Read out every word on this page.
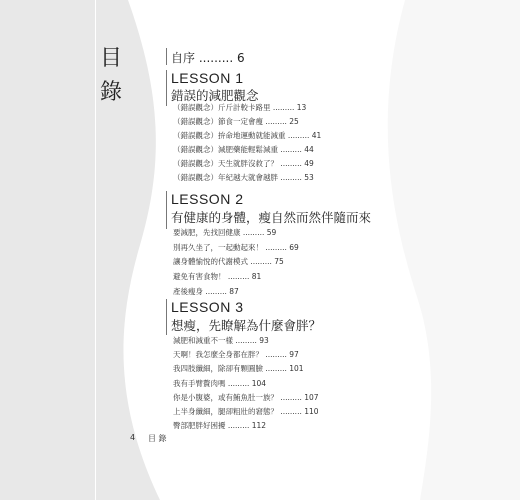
目
錄
自序 ......... 6
LESSON 1
錯誤的減肥觀念
（錯誤觀念）斤斤計較卡路里 ......... 13
（錯誤觀念）節食一定會瘦 ......... 25
（錯誤觀念）拚命地運動就能減重 ......... 41
（錯誤觀念）減肥藥能輕鬆減重 ......... 44
（錯誤觀念）天生就胖沒救了？ ......... 49
（錯誤觀念）年紀越大就會越胖 ......... 53
LESSON 2
有健康的身體，瘦自然而然伴隨而來
要減肥，先找回健康 ......... 59
別再久坐了，一起動起來！ ......... 69
讓身體愉悅的代謝模式 ......... 75
避免有害食物！ ......... 81
產後瘦身 ......... 87
LESSON 3
想瘦，先瞭解為什麼會胖？
減肥和減重不一樣 ......... 93
天啊！我怎麼全身都在胖？ ......... 97
我四肢纖細，除卻有顆圓臉 ......... 101
我有手臂贅肉嗎 ......... 104
你是小腹婆，或有鮪魚肚一族？ ......... 107
上半身纖細，腿卻粗壯的窘態？ ......... 110
臀部肥胖好困擾 ......... 112
4 目 錄
